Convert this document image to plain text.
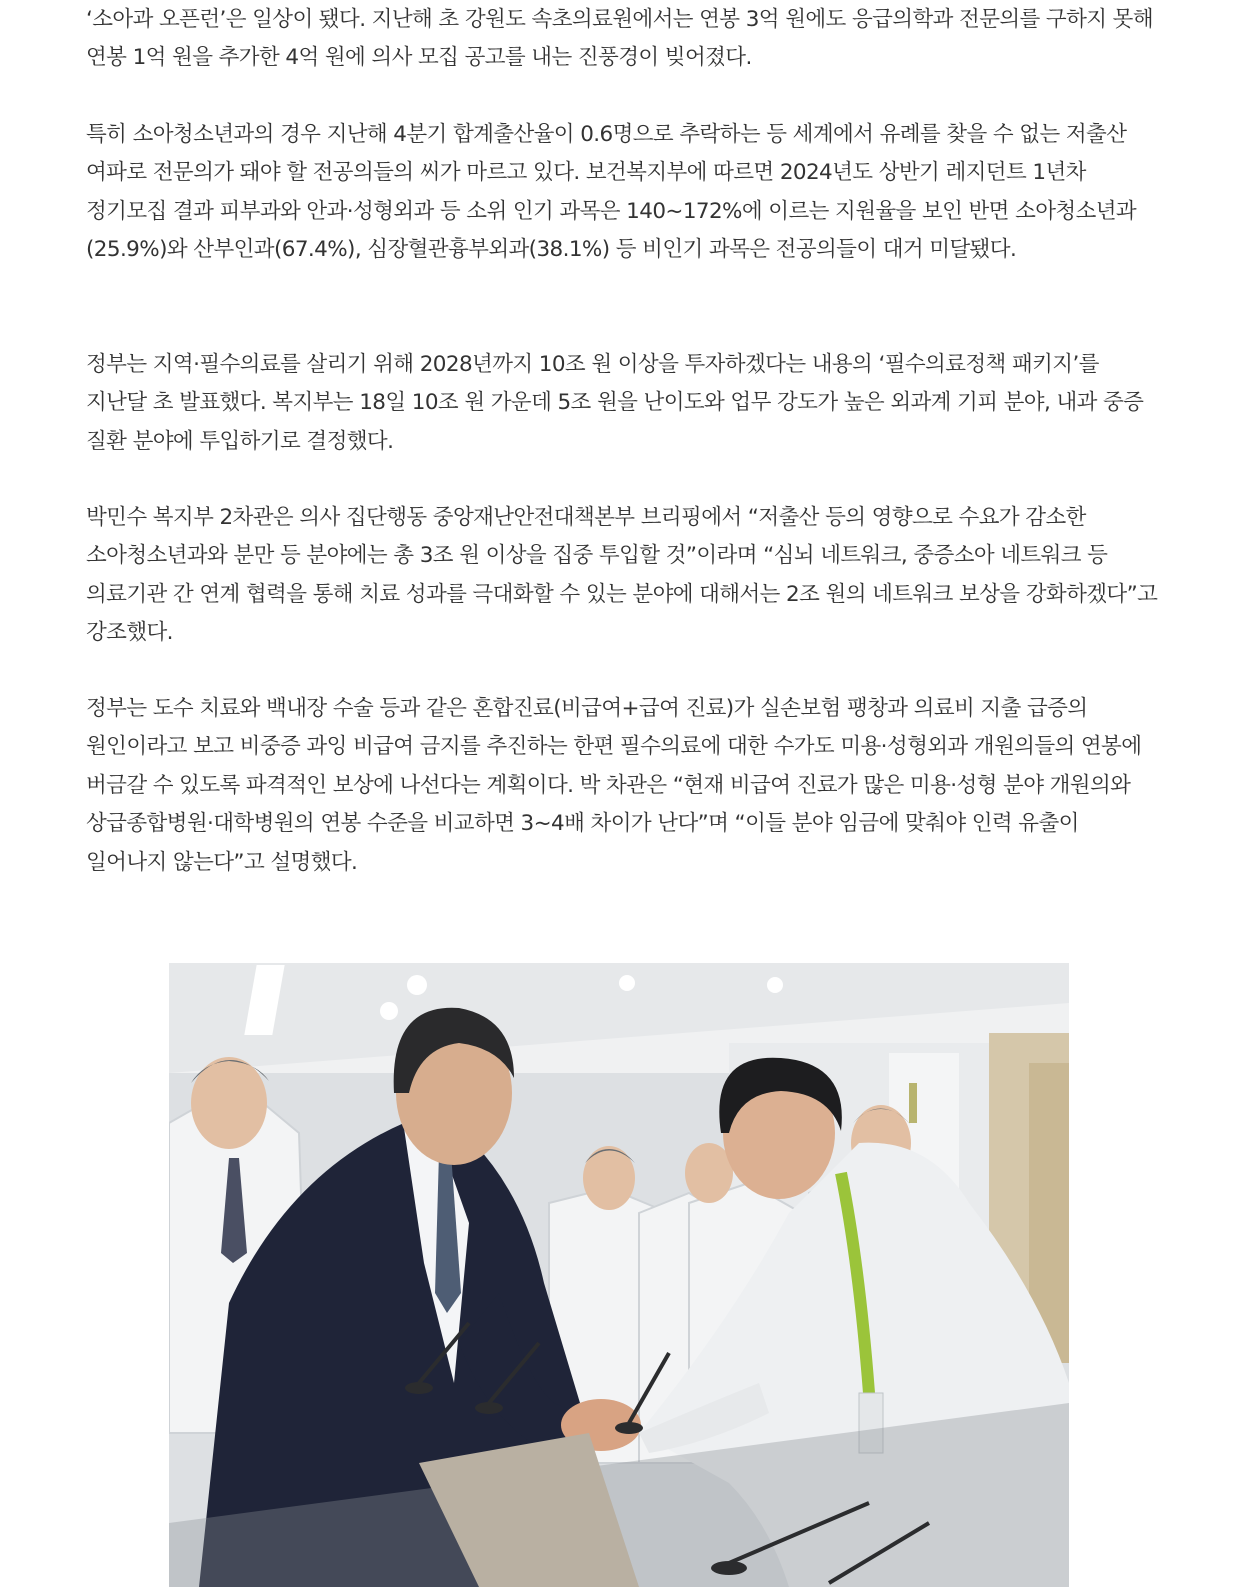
‘소아과 오픈런’은 일상이 됐다. 지난해 초 강원도 속초의료원에서는 연봉 3억 원에도 응급의학과 전문의를 구하지 못해 연봉 1억 원을 추가한 4억 원에 의사 모집 공고를 내는 진풍경이 빚어졌다.

특히 소아청소년과의 경우 지난해 4분기 합계출산율이 0.6명으로 추락하는 등 세계에서 유례를 찾을 수 없는 저출산 여파로 전문의가 돼야 할 전공의들의 씨가 마르고 있다. 보건복지부에 따르면 2024년도 상반기 레지던트 1년차 정기모집 결과 피부과와 안과·성형외과 등 소위 인기 과목은 140~172%에 이르는 지원율을 보인 반면 소아청소년과(25.9%)와 산부인과(67.4%), 심장혈관흉부외과(38.1%) 등 비인기 과목은 전공의들이 대거 미달됐다.

정부는 지역·필수의료를 살리기 위해 2028년까지 10조 원 이상을 투자하겠다는 내용의 ‘필수의료정책 패키지’를 지난달 초 발표했다. 복지부는 18일 10조 원 가운데 5조 원을 난이도와 업무 강도가 높은 외과계 기피 분야, 내과 중증 질환 분야에 투입하기로 결정했다.

박민수 복지부 2차관은 의사 집단행동 중앙재난안전대책본부 브리핑에서 “저출산 등의 영향으로 수요가 감소한 소아청소년과와 분만 등 분야에는 총 3조 원 이상을 집중 투입할 것”이라며 “심뇌 네트워크, 중증소아 네트워크 등 의료기관 간 연계 협력을 통해 치료 성과를 극대화할 수 있는 분야에 대해서는 2조 원의 네트워크 보상을 강화하겠다”고 강조했다.

정부는 도수 치료와 백내장 수술 등과 같은 혼합진료(비급여+급여 진료)가 실손보험 팽창과 의료비 지출 급증의 원인이라고 보고 비중증 과잉 비급여 금지를 추진하는 한편 필수의료에 대한 수가도 미용·성형외과 개원의들의 연봉에 버금갈 수 있도록 파격적인 보상에 나선다는 계획이다. 박 차관은 “현재 비급여 진료가 많은 미용·성형 분야 개원의와 상급종합병원·대학병원의 연봉 수준을 비교하면 3~4배 차이가 난다”며 “이들 분야 임금에 맞춰야 인력 유출이 일어나지 않는다”고 설명했다.
